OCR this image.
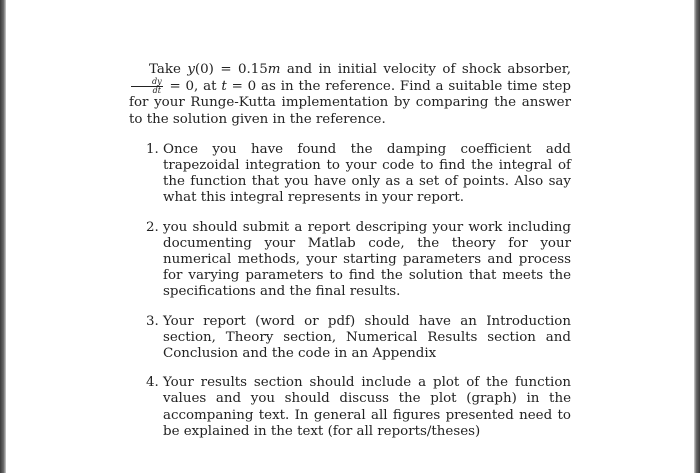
Take y(0) = 0.15m and in initial velocity of shock absorber,
$\frac{dy}{dt} = 0$, at t = 0 as in the reference. Find a suitable time step for your Runge-Kutta implementation by comparing the answer to the solution given in the reference.

1. Once you have found the damping coefficient add trapezoidal integration to your code to find the integral of the function that you have only as a set of points. Also say what this integral represents in your report.
2. you should submit a report descriping your work including documenting your Matlab code, the theory for your numerical methods, your starting parameters and process for varying parameters to find the solution that meets the specifications and the final results.
3. Your report (word or pdf) should have an Introduction section, Theory section, Numerical Results section and Conclusion and the code in an Appendix
4. Your results section should include a plot of the function values and you should discuss the plot (graph) in the accompaning text. In general all figures presented need to be explained in the text (for all reports/theses)
